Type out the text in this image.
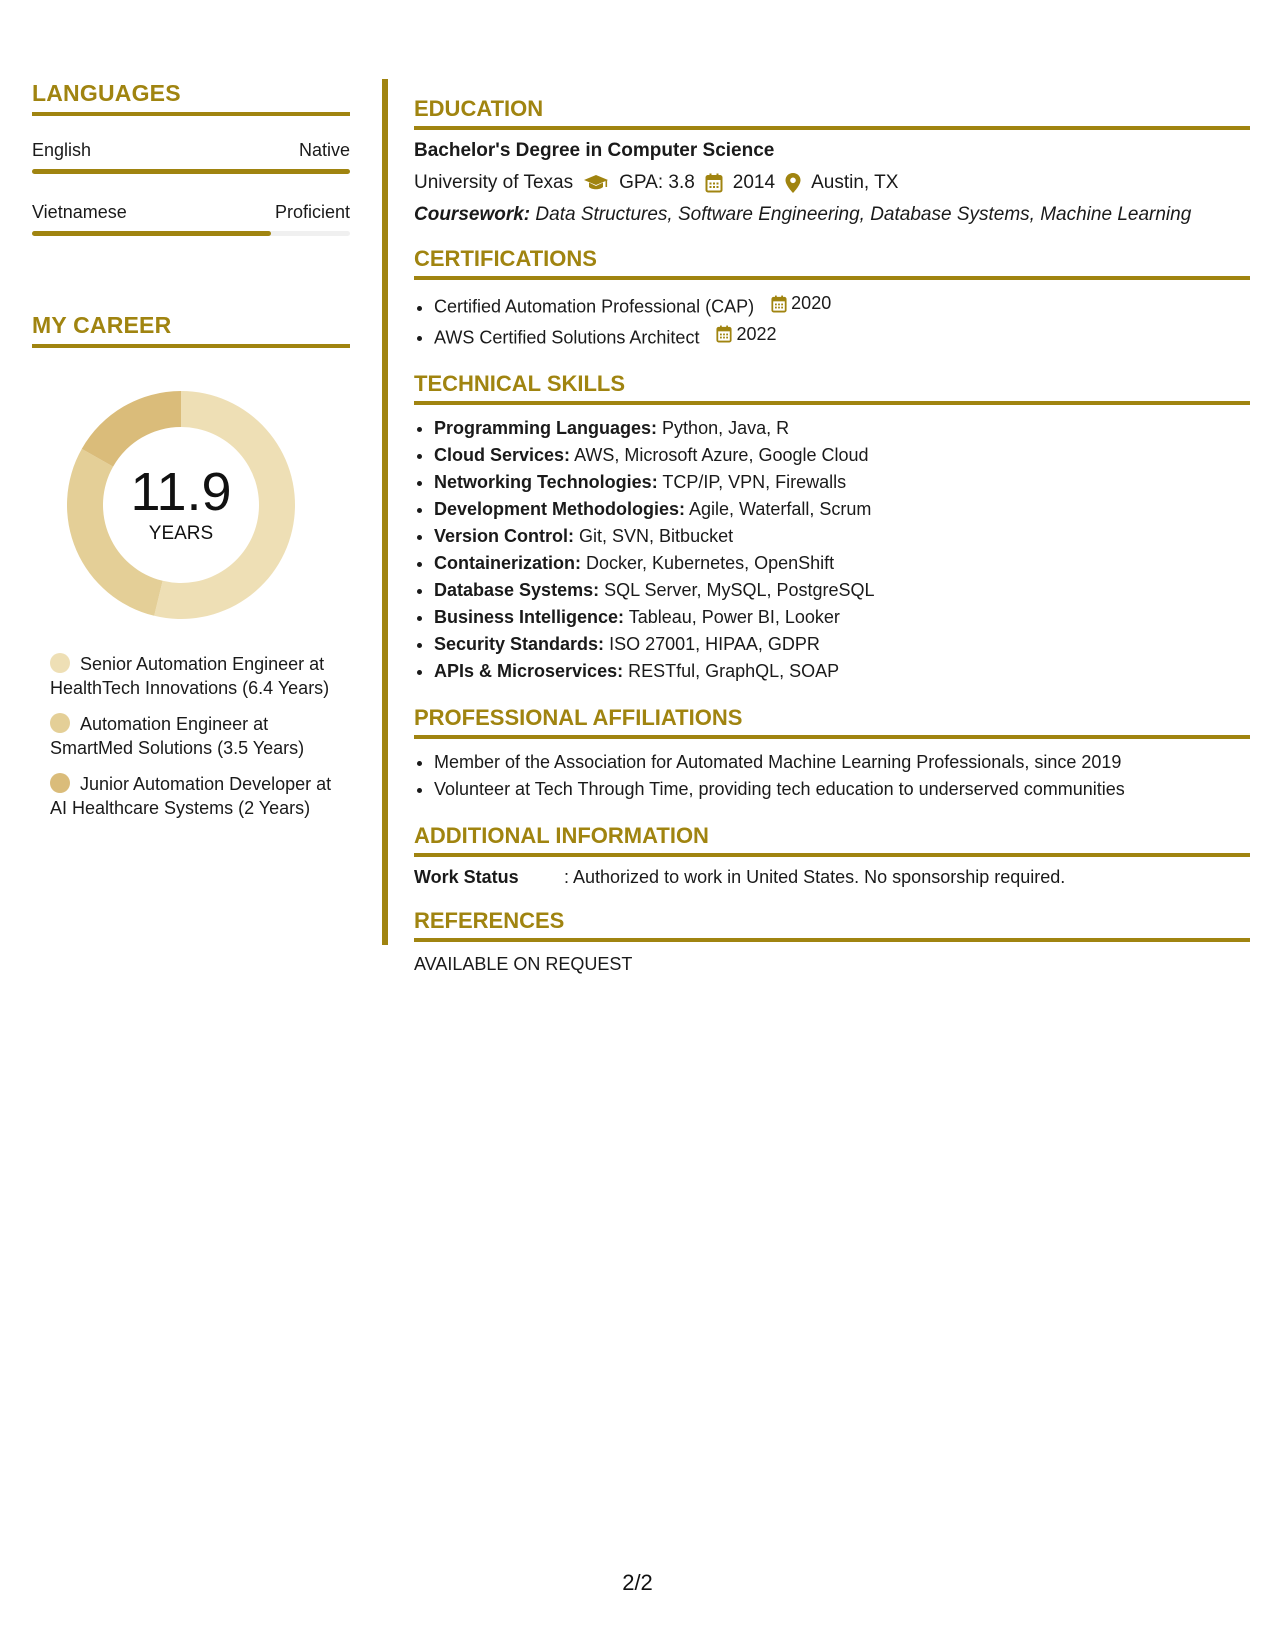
LANGUAGES
English	Native
Vietnamese	Proficient
MY CAREER
11.9
YEARS
Senior Automation Engineer at HealthTech Innovations (6.4 Years)
Automation Engineer at SmartMed Solutions (3.5 Years)
Junior Automation Developer at AI Healthcare Systems (2 Years)
EDUCATION
Bachelor's Degree in Computer Science
University of Texas GPA: 3.8 2014 Austin, TX
Coursework: Data Structures, Software Engineering, Database Systems, Machine Learning
CERTIFICATIONS
• Certified Automation Professional (CAP) 2020
• AWS Certified Solutions Architect 2022
TECHNICAL SKILLS
• Programming Languages: Python, Java, R
• Cloud Services: AWS, Microsoft Azure, Google Cloud
• Networking Technologies: TCP/IP, VPN, Firewalls
• Development Methodologies: Agile, Waterfall, Scrum
• Version Control: Git, SVN, Bitbucket
• Containerization: Docker, Kubernetes, OpenShift
• Database Systems: SQL Server, MySQL, PostgreSQL
• Business Intelligence: Tableau, Power BI, Looker
• Security Standards: ISO 27001, HIPAA, GDPR
• APIs & Microservices: RESTful, GraphQL, SOAP
PROFESSIONAL AFFILIATIONS
• Member of the Association for Automated Machine Learning Professionals, since 2019
• Volunteer at Tech Through Time, providing tech education to underserved communities
ADDITIONAL INFORMATION
Work Status	: Authorized to work in United States. No sponsorship required.
REFERENCES
AVAILABLE ON REQUEST
2/2
